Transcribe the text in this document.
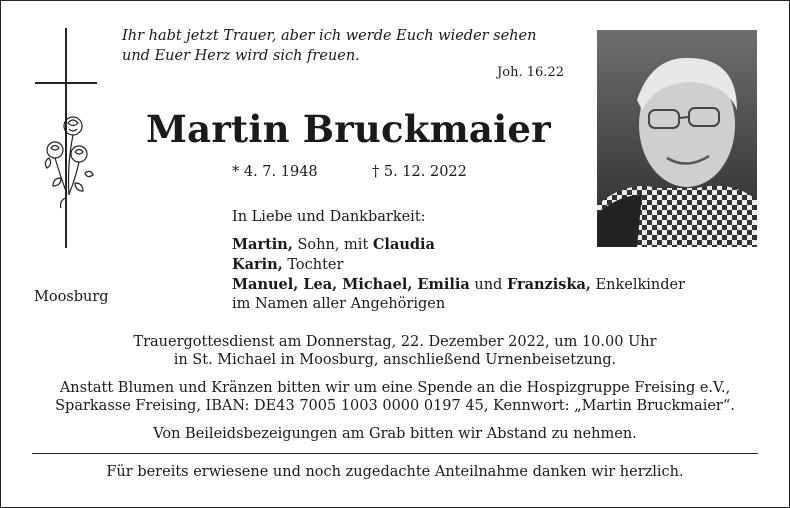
Ihr habt jetzt Trauer, aber ich werde Euch wieder sehen
und Euer Herz wird sich freuen.
Joh. 16.22
Martin Bruckmaier
* 4. 7. 1948	† 5. 12. 2022
In Liebe und Dankbarkeit:
Martin, Sohn, mit Claudia
Karin, Tochter
Manuel, Lea, Michael, Emilia und Franziska, Enkelkinder
im Namen aller Angehörigen
Moosburg
Trauergottesdienst am Donnerstag, 22. Dezember 2022, um 10.00 Uhr
in St. Michael in Moosburg, anschließend Urnenbeisetzung.
Anstatt Blumen und Kränzen bitten wir um eine Spende an die Hospizgruppe Freising e.V.,
Sparkasse Freising, IBAN: DE43 7005 1003 0000 0197 45, Kennwort: „Martin Bruckmaier“.
Von Beileidsbezeigungen am Grab bitten wir Abstand zu nehmen.
Für bereits erwiesene und noch zugedachte Anteilnahme danken wir herzlich.
